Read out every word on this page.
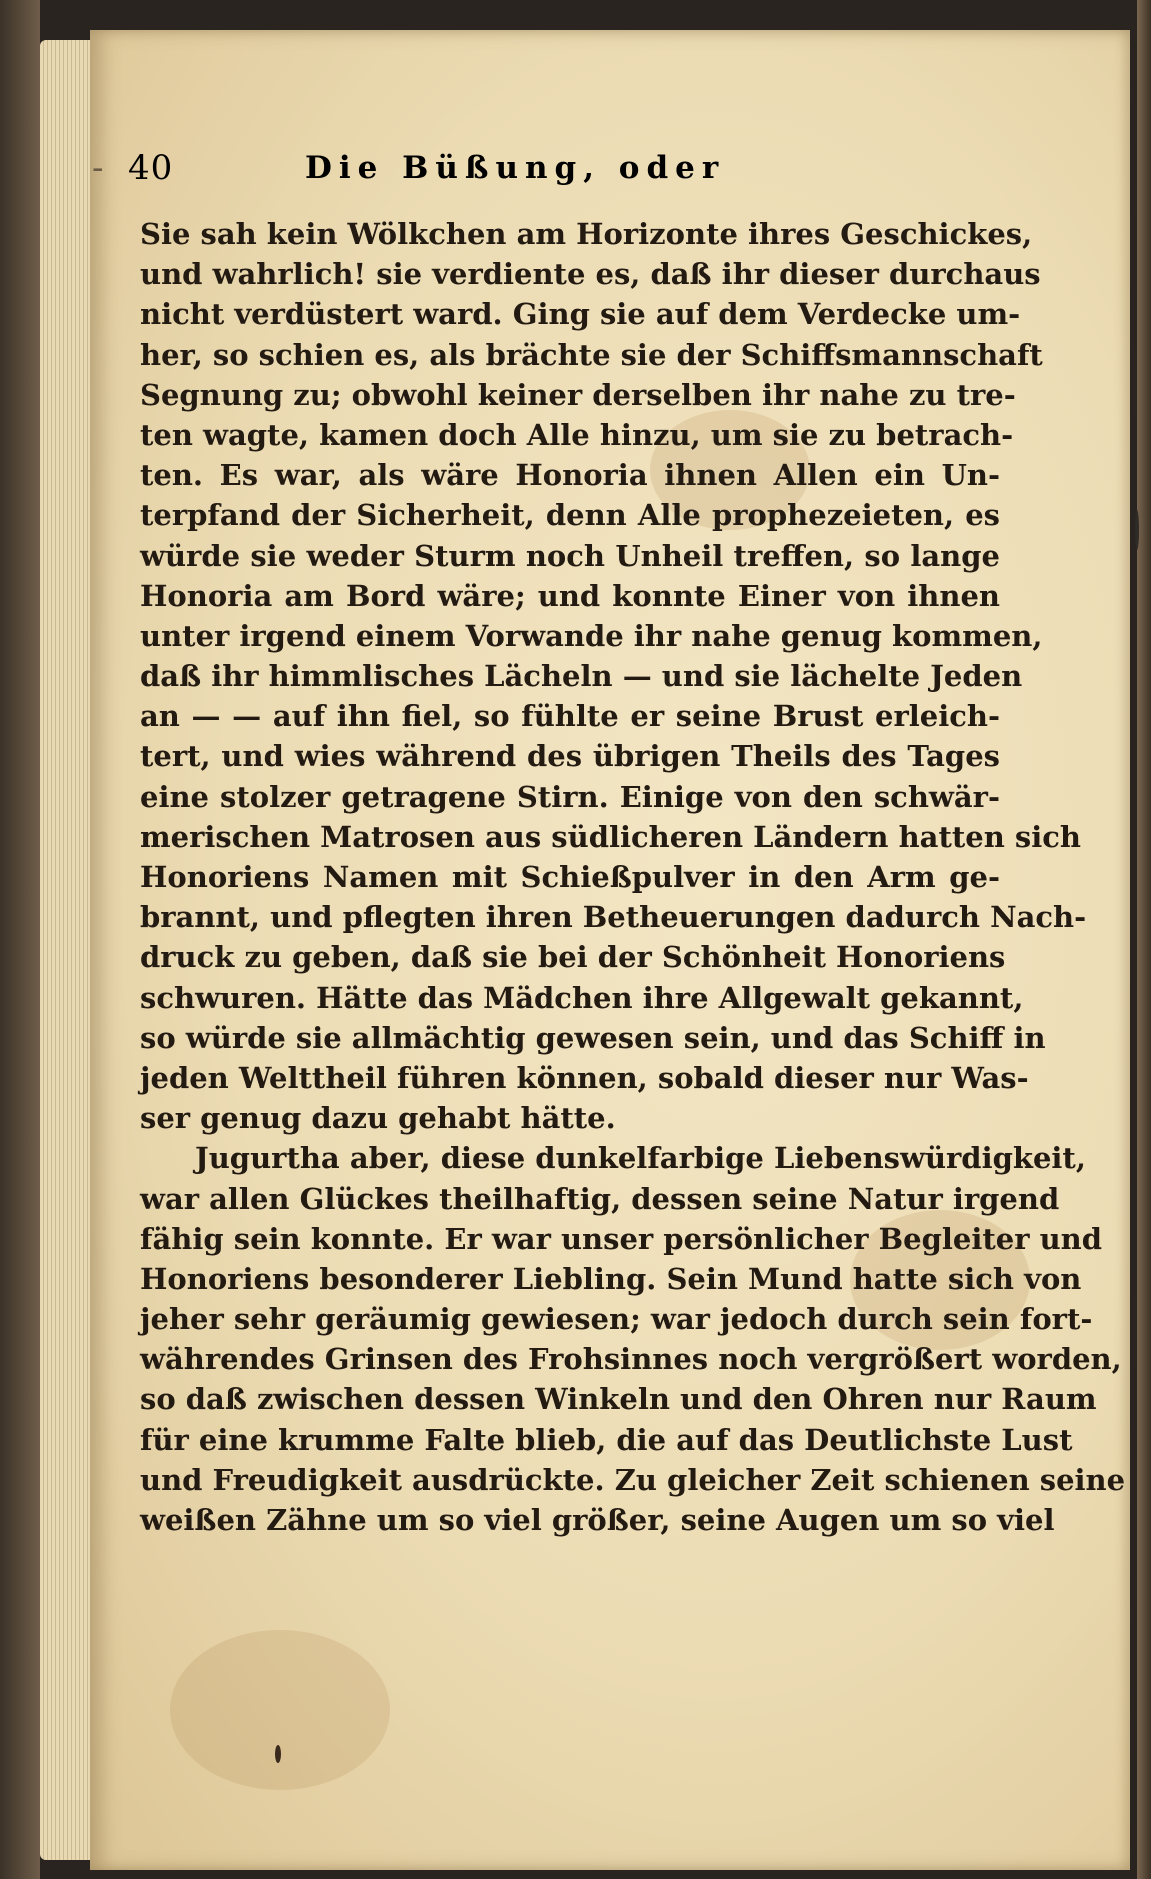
- 40	Die Büßung, oder
Sie sah kein Wölkchen am Horizonte ihres Geschickes,
und wahrlich! sie verdiente es, daß ihr dieser durchaus
nicht verdüstert ward. Ging sie auf dem Verdecke um-
her, so schien es, als brächte sie der Schiffsmannschaft
Segnung zu; obwohl keiner derselben ihr nahe zu tre-
ten wagte, kamen doch Alle hinzu, um sie zu betrach-
ten. Es war, als wäre Honoria ihnen Allen ein Un-
terpfand der Sicherheit, denn Alle prophezeieten, es
würde sie weder Sturm noch Unheil treffen, so lange
Honoria am Bord wäre; und konnte Einer von ihnen
unter irgend einem Vorwande ihr nahe genug kommen,
daß ihr himmlisches Lächeln — und sie lächelte Jeden
an — — auf ihn fiel, so fühlte er seine Brust erleich-
tert, und wies während des übrigen Theils des Tages
eine stolzer getragene Stirn. Einige von den schwär-
merischen Matrosen aus südlicheren Ländern hatten sich
Honoriens Namen mit Schießpulver in den Arm ge-
brannt, und pflegten ihren Betheuerungen dadurch Nach-
druck zu geben, daß sie bei der Schönheit Honoriens
schwuren. Hätte das Mädchen ihre Allgewalt gekannt,
so würde sie allmächtig gewesen sein, und das Schiff in
jeden Welttheil führen können, sobald dieser nur Was-
ser genug dazu gehabt hätte.
Jugurtha aber, diese dunkelfarbige Liebenswürdigkeit,
war allen Glückes theilhaftig, dessen seine Natur irgend
fähig sein konnte. Er war unser persönlicher Begleiter und
Honoriens besonderer Liebling. Sein Mund hatte sich von
jeher sehr geräumig gewiesen; war jedoch durch sein fort-
währendes Grinsen des Frohsinnes noch vergrößert worden,
so daß zwischen dessen Winkeln und den Ohren nur Raum
für eine krumme Falte blieb, die auf das Deutlichste Lust
und Freudigkeit ausdrückte. Zu gleicher Zeit schienen seine
weißen Zähne um so viel größer, seine Augen um so viel
